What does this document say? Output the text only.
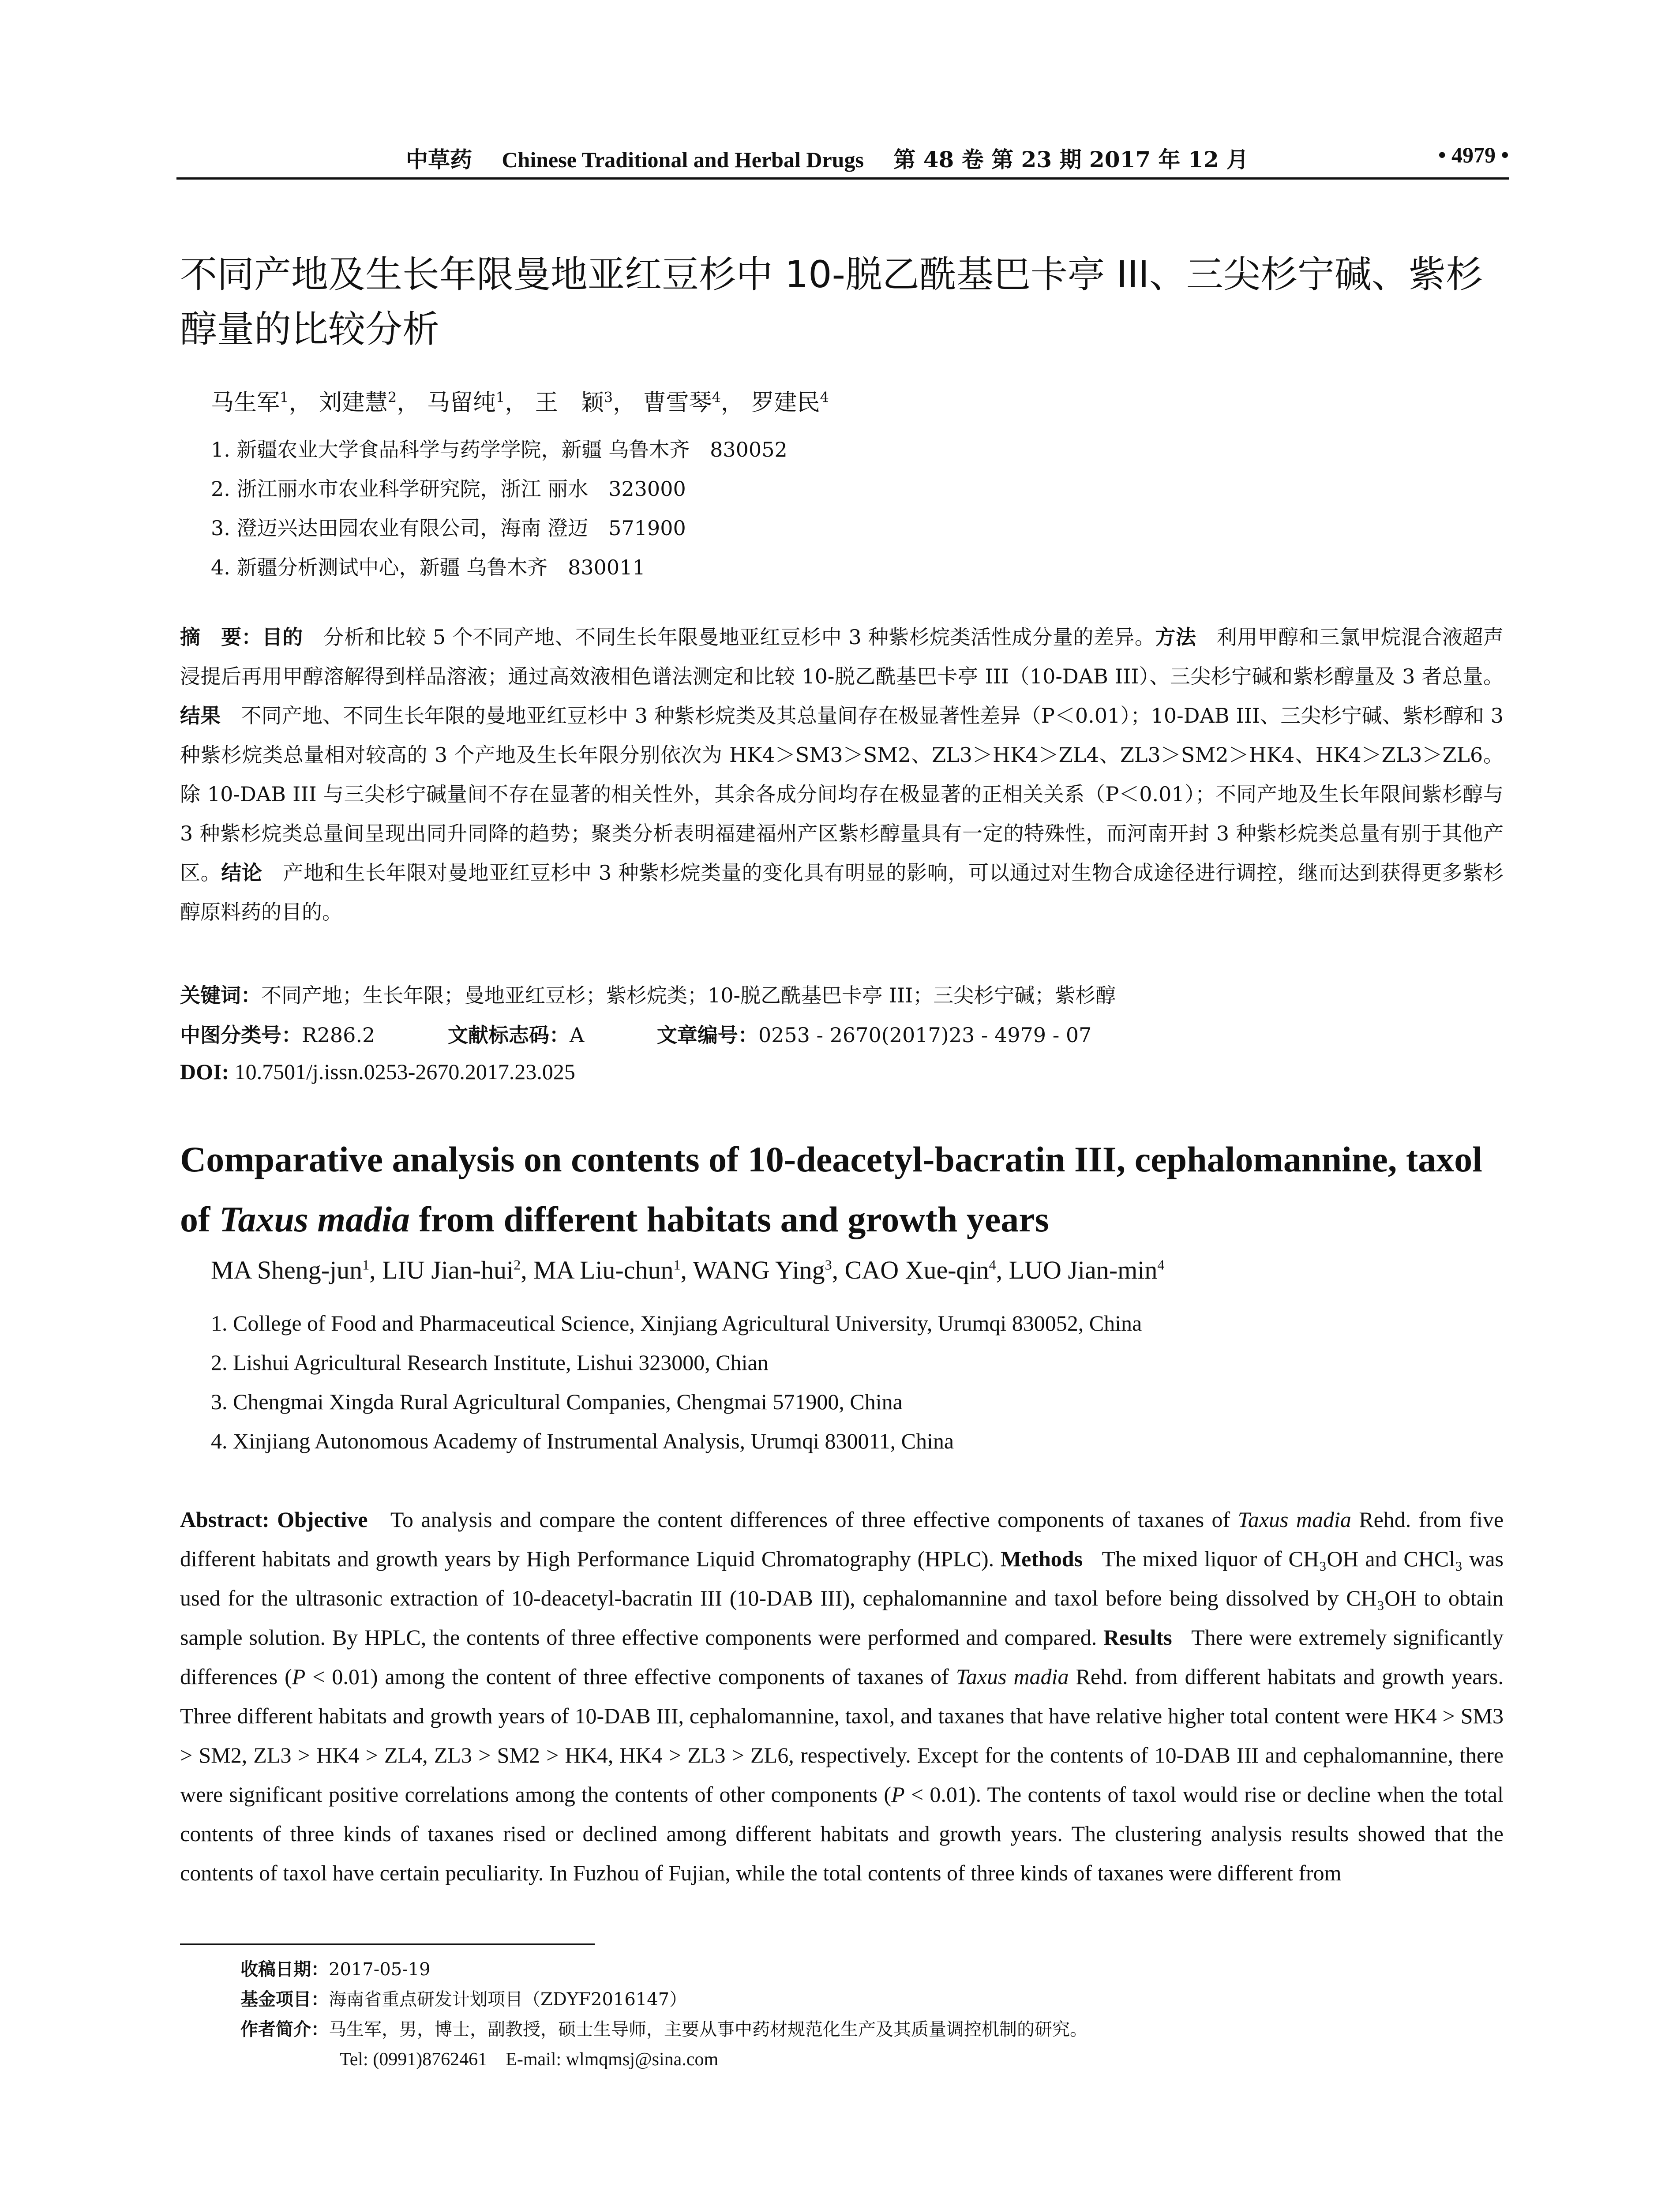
中草药 Chinese Traditional and Herbal Drugs 第 48 卷 第 23 期 2017 年 12 月	• 4979 •
不同产地及生长年限曼地亚红豆杉中 10-脱乙酰基巴卡亭 III、三尖杉宁碱、紫杉醇量的比较分析
马生军$^1$， 刘建慧$^2$， 马留纯$^1$， 王　颖$^3$， 曹雪琴$^4$， 罗建民$^4$
1. 新疆农业大学食品科学与药学学院，新疆 乌鲁木齐　830052
2. 浙江丽水市农业科学研究院，浙江 丽水　323000
3. 澄迈兴达田园农业有限公司，海南 澄迈　571900
4. 新疆分析测试中心，新疆 乌鲁木齐　830011
摘　要：目的　 分析和比较 5 个不同产地、不同生长年限曼地亚红豆杉中 3 种紫杉烷类活性成分量的差异。方法　 利用甲醇和三氯甲烷混合液超声浸提后再用甲醇溶解得到样品溶液；通过高效液相色谱法测定和比较 10-脱乙酰基巴卡亭 III（10-DAB III）、三尖杉宁碱和紫杉醇量及 3 者总量。结果　 不同产地、不同生长年限的曼地亚红豆杉中 3 种紫杉烷类及其总量间存在极显著性差异（P＜0.01）；10-DAB III、三尖杉宁碱、紫杉醇和 3 种紫杉烷类总量相对较高的 3 个产地及生长年限分别依次为 HK4＞SM3＞SM2、ZL3＞HK4＞ZL4、ZL3＞SM2＞HK4、HK4＞ZL3＞ZL6。除 10-DAB III 与三尖杉宁碱量间不存在显著的相关性外，其余各成分间均存在极显著的正相关关系（P＜0.01）；不同产地及生长年限间紫杉醇与 3 种紫杉烷类总量间呈现出同升同降的趋势；聚类分析表明福建福州产区紫杉醇量具有一定的特殊性，而河南开封 3 种紫杉烷类总量有别于其他产区。结论　 产地和生长年限对曼地亚红豆杉中 3 种紫杉烷类量的变化具有明显的影响，可以通过对生物合成途径进行调控，继而达到获得更多紫杉醇原料药的目的。
关键词：不同产地；生长年限；曼地亚红豆杉；紫杉烷类；10-脱乙酰基巴卡亭 III；三尖杉宁碱；紫杉醇
中图分类号：R286.2	文献标志码：A	文章编号：0253 - 2670(2017)23 - 4979 - 07
DOI: 10.7501/j.issn.0253-2670.2017.23.025
Comparative analysis on contents of 10-deacetyl-bacratin III, cephalomannine, taxol of Taxus madia from different habitats and growth years
MA Sheng-jun$^1$, LIU Jian-hui$^2$, MA Liu-chun$^1$, WANG Ying$^3$, CAO Xue-qin$^4$, LUO Jian-$\min^4$
1. College of Food and Pharmaceutical Science, Xinjiang Agricultural University, Urumqi 830052, China
2. Lishui Agricultural Research Institute, Lishui 323000, Chian
3. Chengmai Xingda Rural Agricultural Companies, Chengmai 571900, China
4. Xinjiang Autonomous Academy of Instrumental Analysis, Urumqi 830011, China
Abstract: Objective To analysis and compare the content differences of three effective components of taxanes of Taxus madia Rehd. from five different habitats and growth years by High Performance Liquid Chromatography (HPLC). Methods The mixed liquor of CH₃OH and CHCl₃ was used for the ultrasonic extraction of 10-deacetyl-bacratin III (10-DAB III), cephalomannine and taxol before being dissolved by CH₃OH to obtain sample solution. By HPLC, the contents of three effective components were performed and compared. Results There were extremely significantly differences (P < 0.01) among the content of three effective components of taxanes of Taxus madia Rehd. from different habitats and growth years. Three different habitats and growth years of 10-DAB III, cephalomannine, taxol, and taxanes that have relative higher total content were HK4 > SM3 > SM2, ZL3 > HK4 > ZL4, ZL3 > SM2 > HK4, HK4 > ZL3 > ZL6, respectively. Except for the contents of 10-DAB III and cephalomannine, there were significant positive correlations among the contents of other components (P < 0.01). The contents of taxol would rise or decline when the total contents of three kinds of taxanes rised or declined among different habitats and growth years. The clustering analysis results showed that the contents of taxol have certain peculiarity. In Fuzhou of Fujian, while the total contents of three kinds of taxanes were different from
收稿日期：2017-05-19
基金项目：海南省重点研发计划项目（ZDYF2016147）
作者简介：马生军，男，博士，副教授，硕士生导师，主要从事中药材规范化生产及其质量调控机制的研究。
Tel: (0991)8762461　E-mail: wlmqmsj@sina.com
